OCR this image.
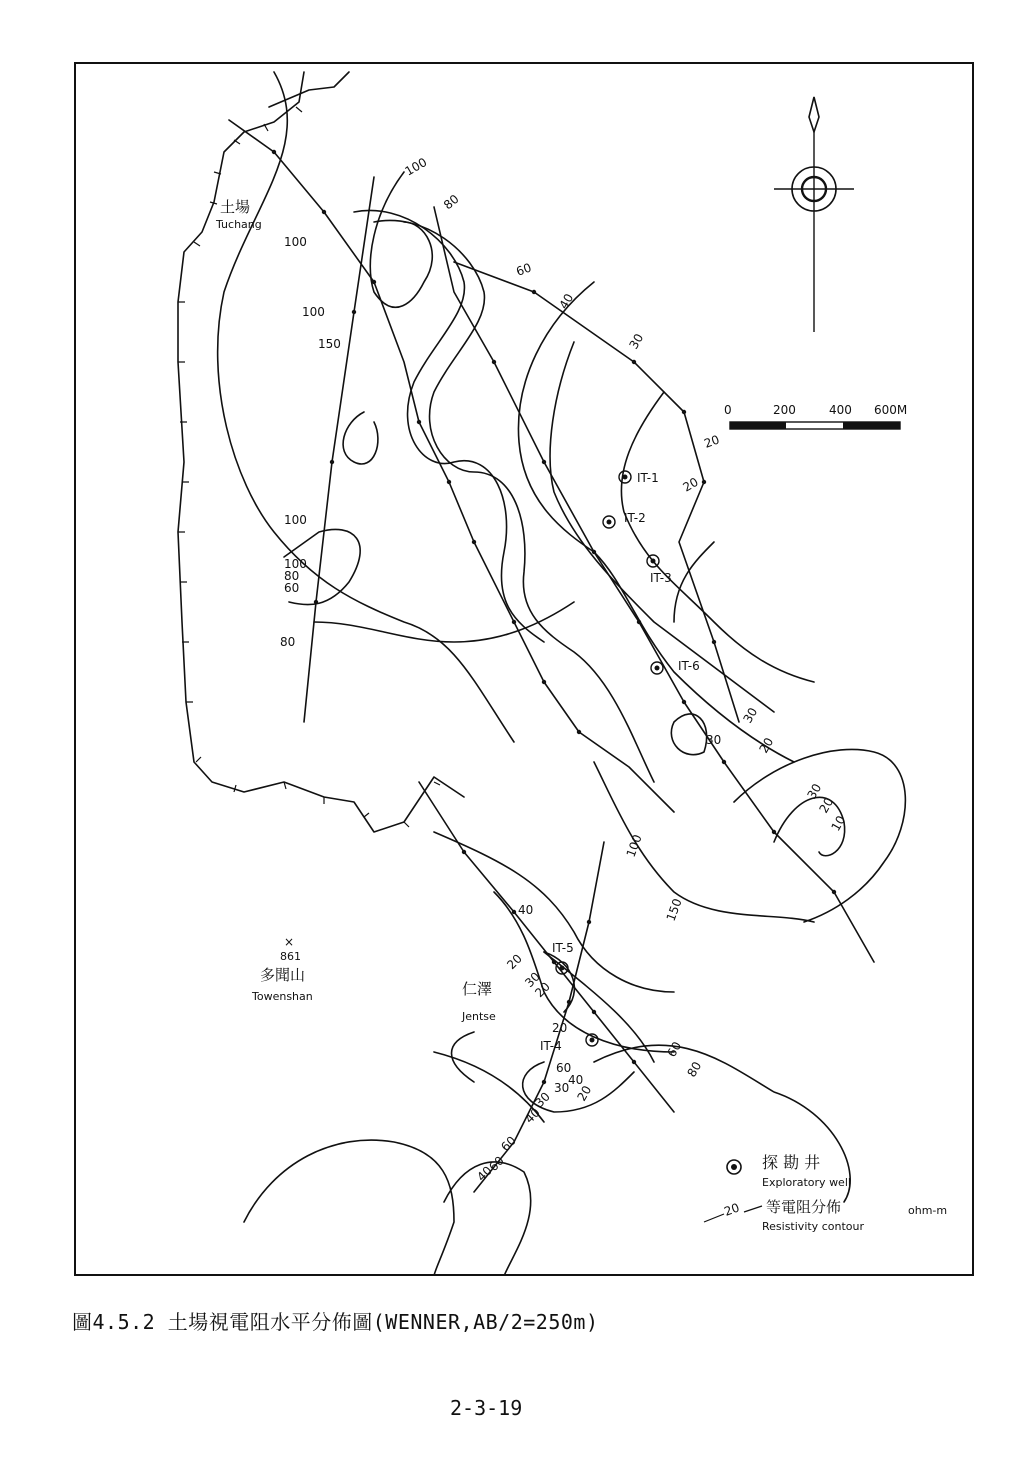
0	200	400 600M
土場
Tuchang
×
861
多聞山
Towenshan	仁澤
Jentse
IT-1
IT-2
IT-3
IT-6
IT-5
IT-4
100
80
100
100
150
60
40
30
20
20
100
100
80
60
80
30
30
20
30
20
10
100
150
40
20
30
20
20
60
80
60
40
30 20
30
40
60
60
40
探 勘 井
Exploratory well
20 等電阻分佈	ohm-m
Resistivity contour
圖4.5.2 土場視電阻水平分佈圖(WENNER,AB/2=250m)
2-3-19
